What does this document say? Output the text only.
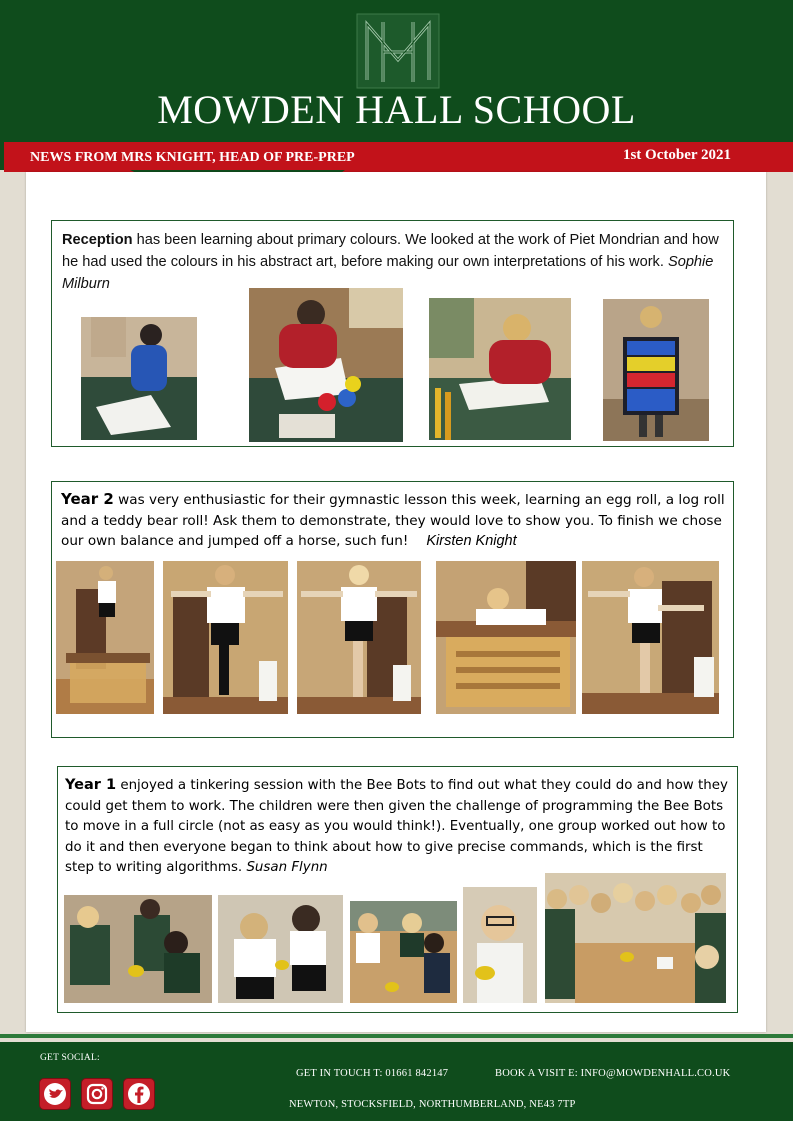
MOWDEN HALL SCHOOL
NEWS FROM MRS KNIGHT, HEAD OF PRE-PREP	1st October 2021
Reception has been learning about primary colours. We looked at the work of Piet Mondrian and how he had used the colours in his abstract art, before making our own interpretations of his work. Sophie Milburn
Year 2 was very enthusiastic for their gymnastic lesson this week, learning an egg roll, a log roll and a teddy bear roll! Ask them to demonstrate, they would love to show you. To finish we chose our own balance and jumped off a horse, such fun! Kirsten Knight
Year 1 enjoyed a tinkering session with the Bee Bots to find out what they could do and how they could get them to work. The children were then given the challenge of programming the Bee Bots to move in a full circle (not as easy as you would think!). Eventually, one group worked out how to do it and then everyone began to think about how to give precise commands, which is the first step to writing algorithms. Susan Flynn
GET SOCIAL:
GET IN TOUCH T: 01661 842147	BOOK A VISIT E: INFO@MOWDENHALL.CO.UK
NEWTON, STOCKSFIELD, NORTHUMBERLAND, NE43 7TP
